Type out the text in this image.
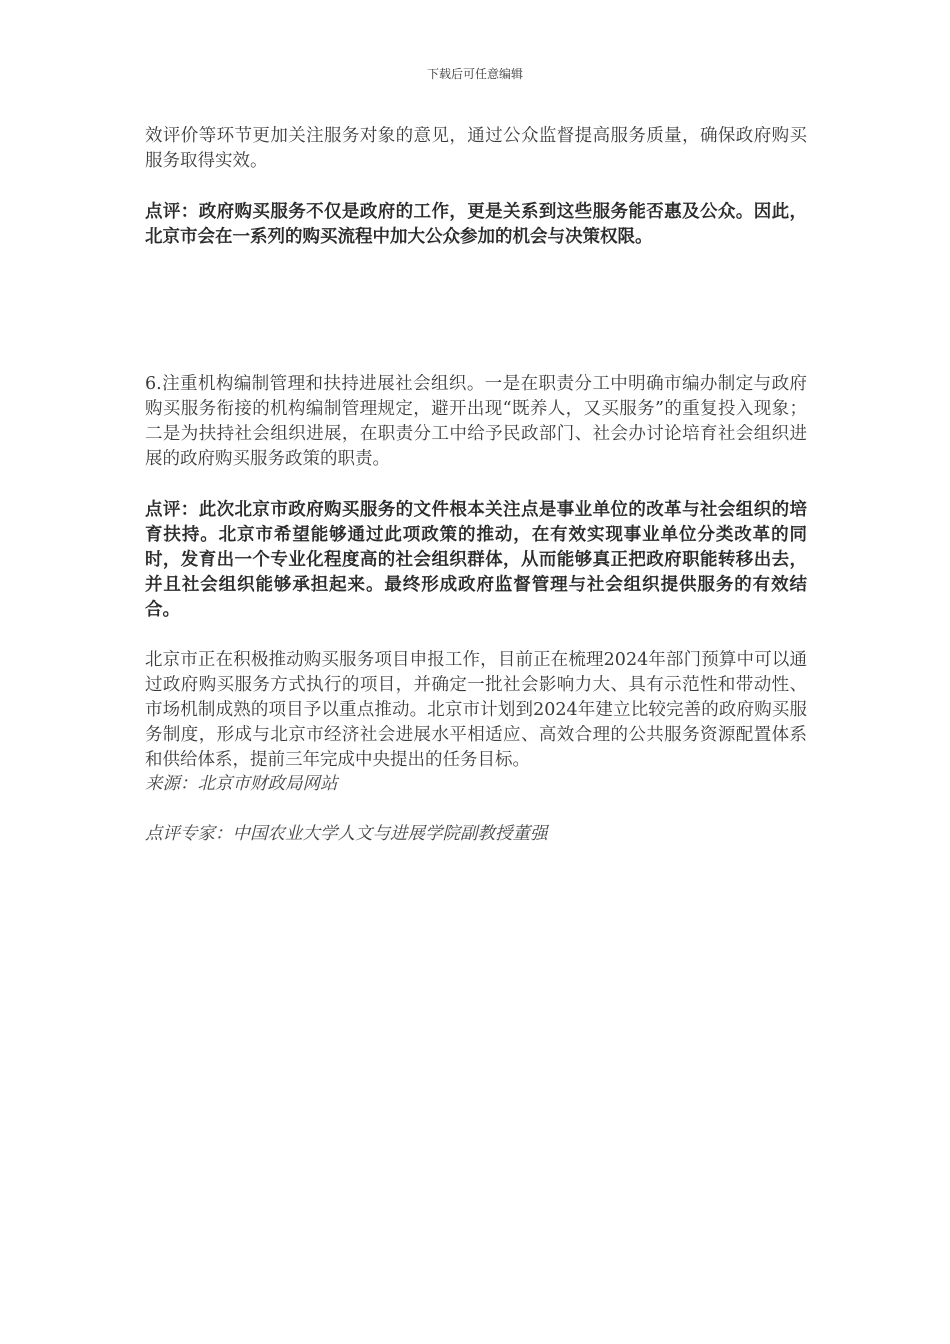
下载后可任意编辑

效评价等环节更加关注服务对象的意见，通过公众监督提高服务质量，确保政府购买服务取得实效。

点评：政府购买服务不仅是政府的工作，更是关系到这些服务能否惠及公众。因此，北京市会在一系列的购买流程中加大公众参加的机会与决策权限。

6.注重机构编制管理和扶持进展社会组织。一是在职责分工中明确市编办制定与政府购买服务衔接的机构编制管理规定，避开出现“既养人，又买服务”的重复投入现象；二是为扶持社会组织进展，在职责分工中给予民政部门、社会办讨论培育社会组织进展的政府购买服务政策的职责。

点评：此次北京市政府购买服务的文件根本关注点是事业单位的改革与社会组织的培育扶持。北京市希望能够通过此项政策的推动，在有效实现事业单位分类改革的同时，发育出一个专业化程度高的社会组织群体，从而能够真正把政府职能转移出去，并且社会组织能够承担起来。最终形成政府监督管理与社会组织提供服务的有效结合。

北京市正在积极推动购买服务项目申报工作，目前正在梳理2024年部门预算中可以通过政府购买服务方式执行的项目，并确定一批社会影响力大、具有示范性和带动性、市场机制成熟的项目予以重点推动。北京市计划到2024年建立比较完善的政府购买服务制度，形成与北京市经济社会进展水平相适应、高效合理的公共服务资源配置体系和供给体系，提前三年完成中央提出的任务目标。

来源：北京市财政局网站

点评专家：中国农业大学人文与进展学院副教授董强
